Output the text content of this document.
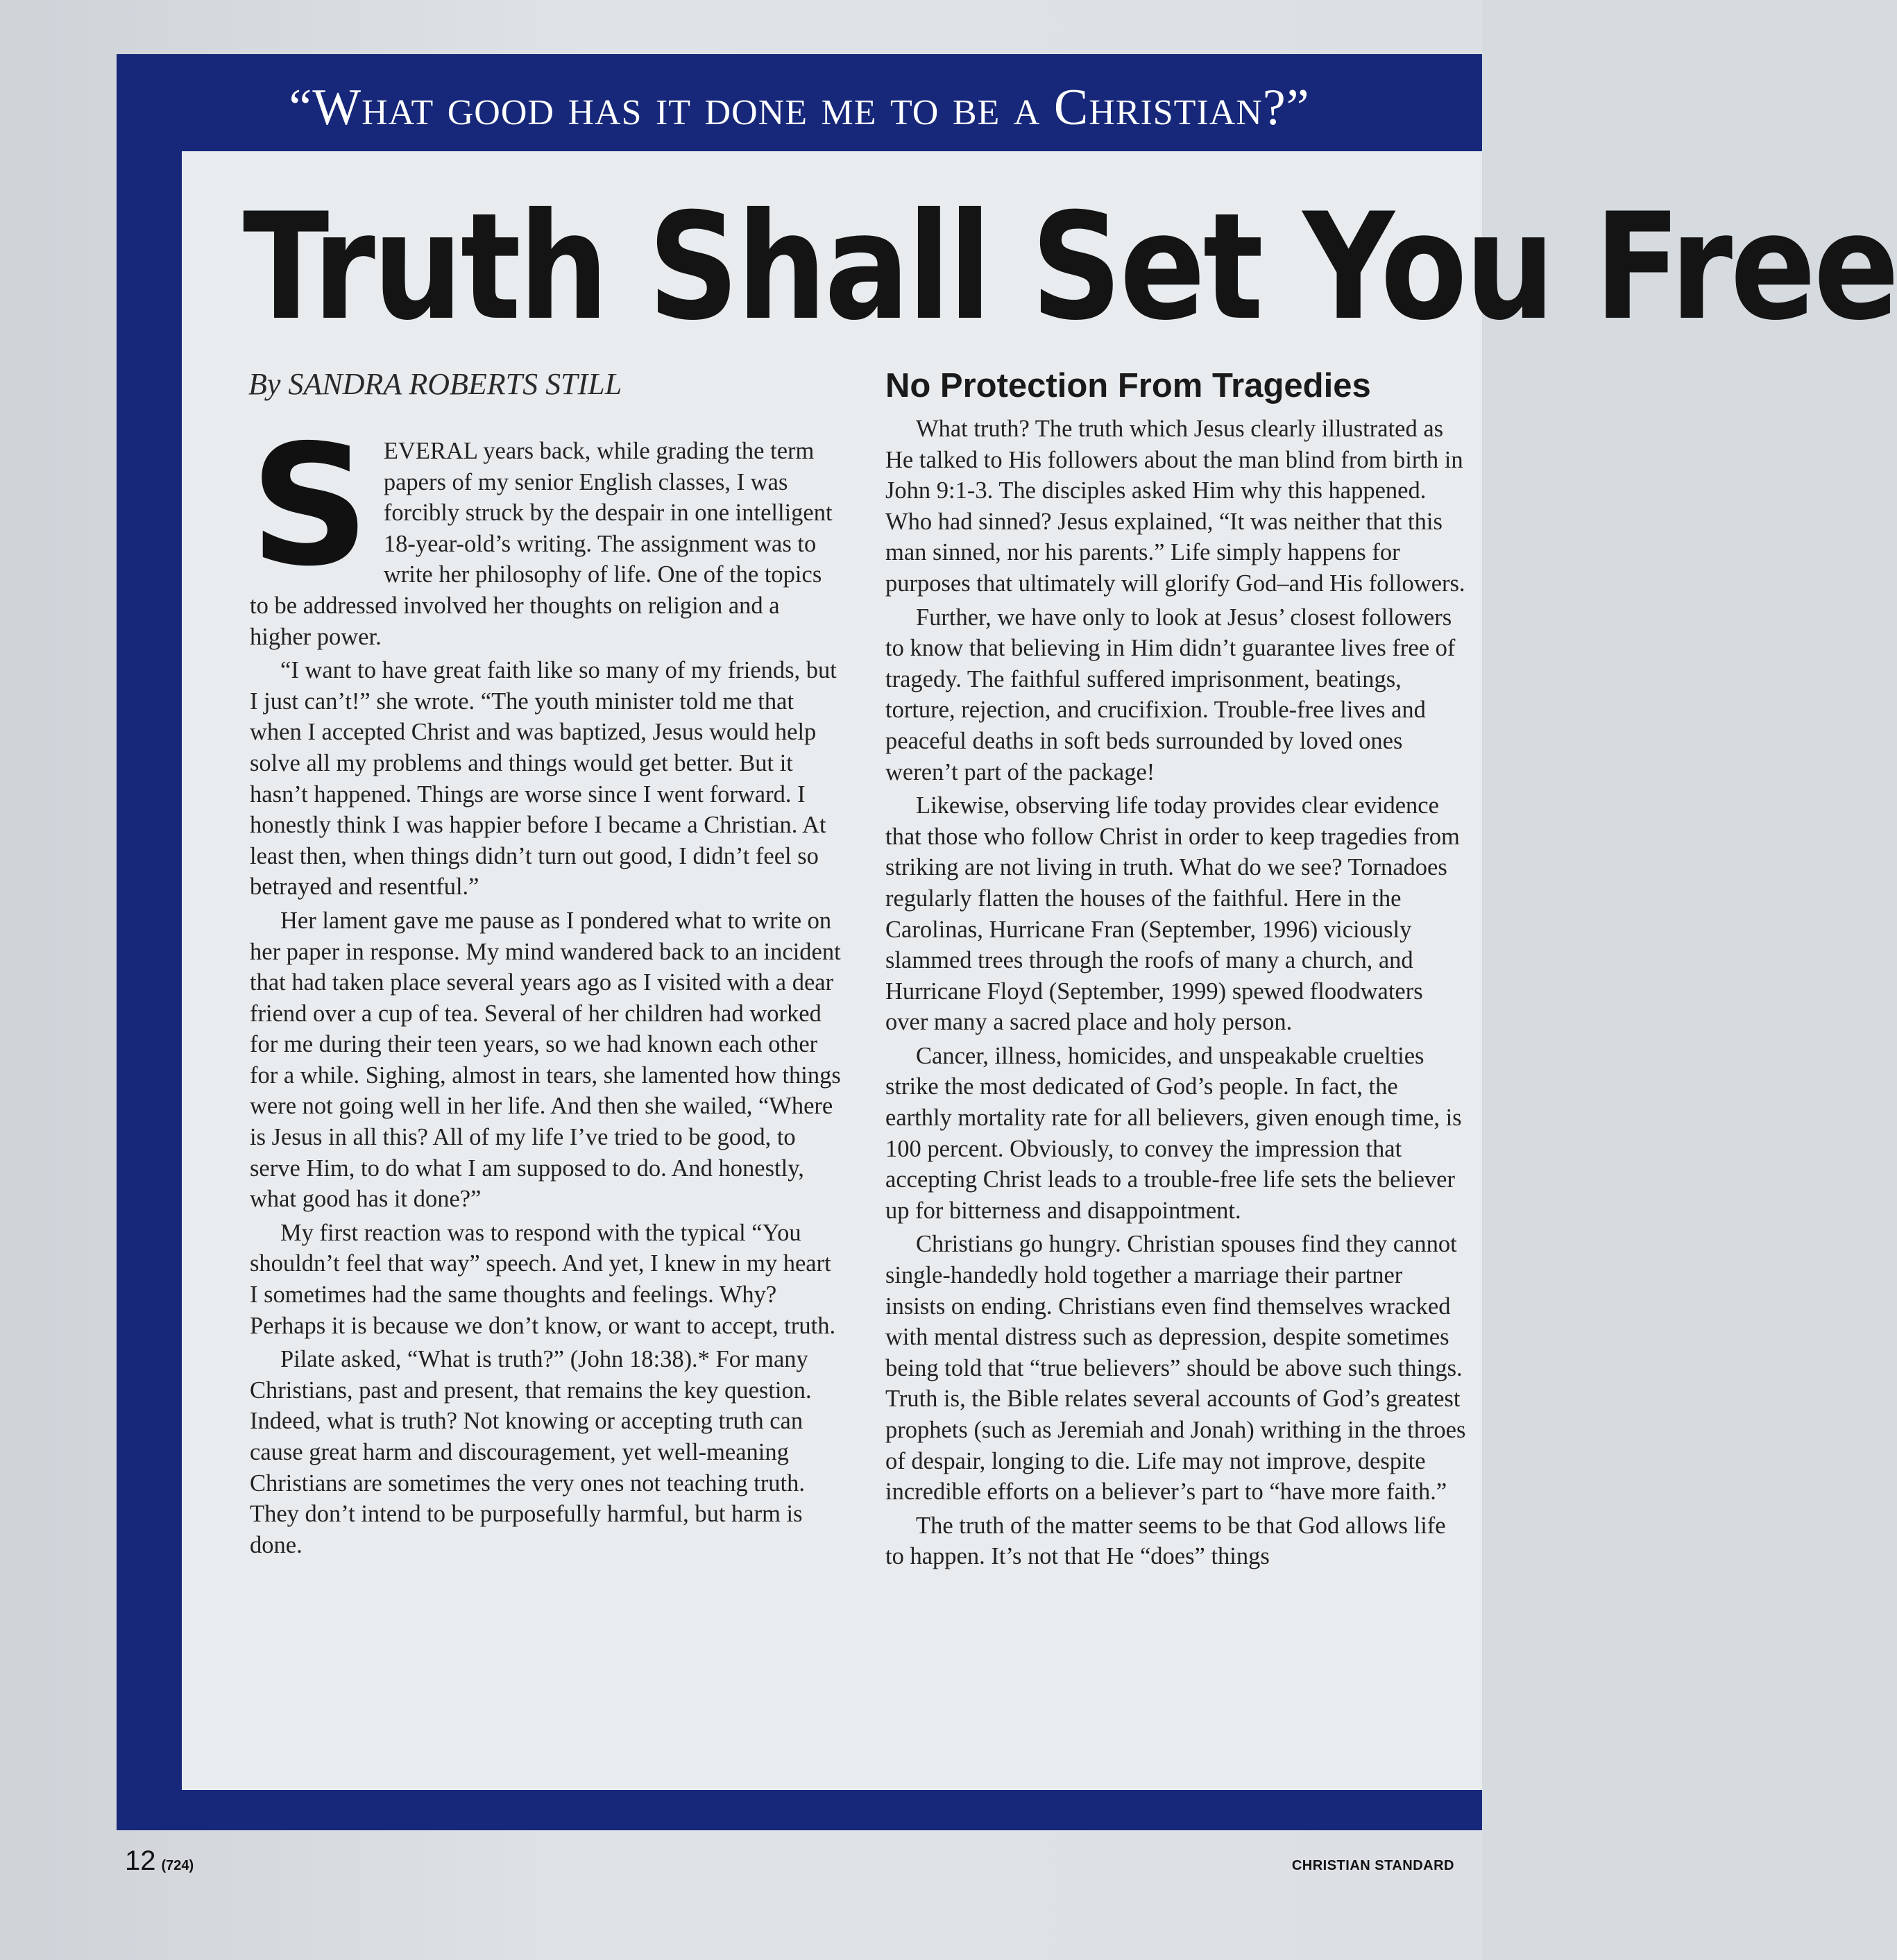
“What good has it done me to be a Christian?”
Truth Shall Set You Free
By SANDRA ROBERTS STILL

SEVERAL years back, while grading the term papers of my senior English classes, I was forcibly struck by the despair in one intelligent 18-year-old’s writing. The assignment was to write her philosophy of life. One of the topics to be addressed involved her thoughts on religion and a higher power.

“I want to have great faith like so many of my friends, but I just can’t!” she wrote. “The youth minister told me that when I accepted Christ and was baptized, Jesus would help solve all my problems and things would get better. But it hasn’t happened. Things are worse since I went forward. I honestly think I was happier before I became a Christian. At least then, when things didn’t turn out good, I didn’t feel so betrayed and resentful.”

Her lament gave me pause as I pondered what to write on her paper in response. My mind wandered back to an incident that had taken place several years ago as I visited with a dear friend over a cup of tea. Several of her children had worked for me during their teen years, so we had known each other for a while. Sighing, almost in tears, she lamented how things were not going well in her life. And then she wailed, “Where is Jesus in all this? All of my life I’ve tried to be good, to serve Him, to do what I am supposed to do. And honestly, what good has it done?”

My first reaction was to respond with the typical “You shouldn’t feel that way” speech. And yet, I knew in my heart I sometimes had the same thoughts and feelings. Why? Perhaps it is because we don’t know, or want to accept, truth.

Pilate asked, “What is truth?” (John 18:38).* For many Christians, past and present, that remains the key question. Indeed, what is truth? Not knowing or accepting truth can cause great harm and discouragement, yet well-meaning Christians are sometimes the very ones not teaching truth. They don’t intend to be purposefully harmful, but harm is done.

No Protection From Tragedies

What truth? The truth which Jesus clearly illustrated as He talked to His followers about the man blind from birth in John 9:1-3. The disciples asked Him why this happened. Who had sinned? Jesus explained, “It was neither that this man sinned, nor his parents.” Life simply happens for purposes that ultimately will glorify God–and His followers.

Further, we have only to look at Jesus’ closest followers to know that believing in Him didn’t guarantee lives free of tragedy. The faithful suffered imprisonment, beatings, torture, rejection, and crucifixion. Trouble-free lives and peaceful deaths in soft beds surrounded by loved ones weren’t part of the package!

Likewise, observing life today provides clear evidence that those who follow Christ in order to keep tragedies from striking are not living in truth. What do we see? Tornadoes regularly flatten the houses of the faithful. Here in the Carolinas, Hurricane Fran (September, 1996) viciously slammed trees through the roofs of many a church, and Hurricane Floyd (September, 1999) spewed floodwaters over many a sacred place and holy person.

Cancer, illness, homicides, and unspeakable cruelties strike the most dedicated of God’s people. In fact, the earthly mortality rate for all believers, given enough time, is 100 percent. Obviously, to convey the impression that accepting Christ leads to a trouble-free life sets the believer up for bitterness and disappointment.

Christians go hungry. Christian spouses find they cannot single-handedly hold together a marriage their partner insists on ending. Christians even find themselves wracked with mental distress such as depression, despite sometimes being told that “true believers” should be above such things. Truth is, the Bible relates several accounts of God’s greatest prophets (such as Jeremiah and Jonah) writhing in the throes of despair, longing to die. Life may not improve, despite incredible efforts on a believer’s part to “have more faith.”

The truth of the matter seems to be that God allows life to happen. It’s not that He “does” things

12 (724)	CHRISTIAN STANDARD
